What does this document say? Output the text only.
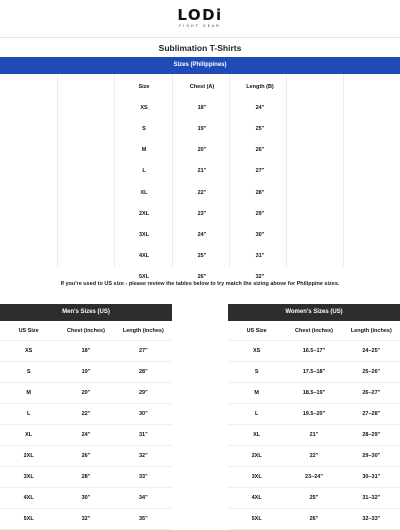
LODi
FIGHT GEAR
Sublimation T-Shirts
Sizes (Philippines)
Size	Chest (A)	Length (B)
XS	18"	24"
S	19"	25"
M	20"	26"
L	21"	27"
XL	22"	28"
2XL	23"	29"
3XL	24"	30"
4XL	25"	31"
5XL	26"	32"
If you're used to US size - please review the tables below to try match the sizing above for Philippine sizes.
Men's Sizes (US)
US Size	Chest (inches)	Length (inches)
XS	18"	27"
S	19"	28"
M	20"	29"
L	22"	30"
XL	24"	31"
2XL	26"	32"
3XL	28"	33"
4XL	30"	34"
5XL	32"	35"
Women's Sizes (US)
US Size	Chest (inches)	Length (inches)
XS	16.5–17"	24–25"
S	17.5–18"	25–26"
M	18.5–19"	26–27"
L	19.5–20"	27–28"
XL	21"	28–29"
2XL	22"	29–30"
3XL	23–24"	30–31"
4XL	25"	31–32"
5XL	26"	32–33"
